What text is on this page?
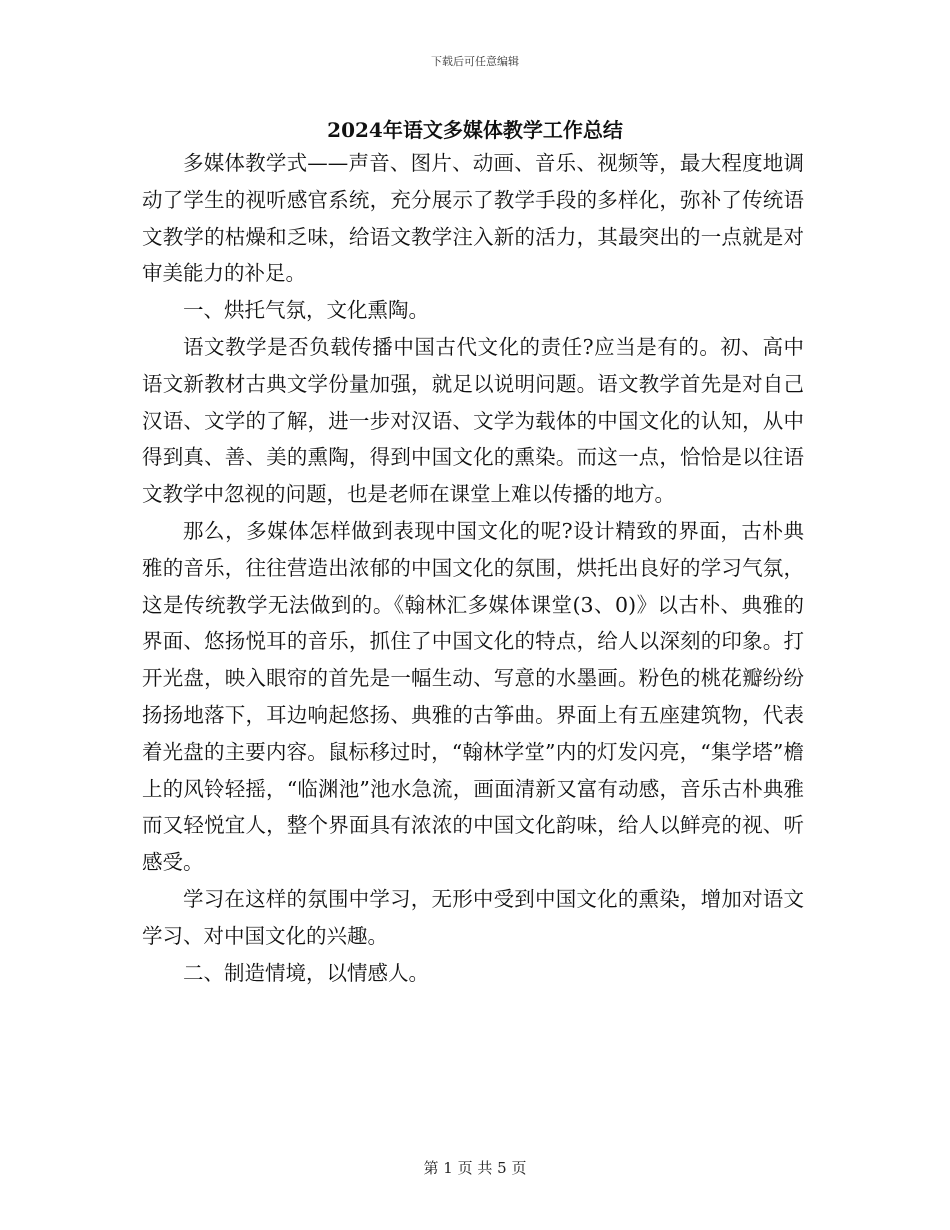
下载后可任意编辑
2024年语文多媒体教学工作总结

多媒体教学式——声音、图片、动画、音乐、视频等，最大程度地调动了学生的视听感官系统，充分展示了教学手段的多样化，弥补了传统语文教学的枯燥和乏味，给语文教学注入新的活力，其最突出的一点就是对审美能力的补足。

一、烘托气氛，文化熏陶。

语文教学是否负载传播中国古代文化的责任?应当是有的。初、高中语文新教材古典文学份量加强，就足以说明问题。语文教学首先是对自己汉语、文学的了解，进一步对汉语、文学为载体的中国文化的认知，从中得到真、善、美的熏陶，得到中国文化的熏染。而这一点，恰恰是以往语文教学中忽视的问题，也是老师在课堂上难以传播的地方。

那么，多媒体怎样做到表现中国文化的呢?设计精致的界面，古朴典雅的音乐，往往营造出浓郁的中国文化的氛围，烘托出良好的学习气氛，这是传统教学无法做到的。《翰林汇多媒体课堂(3、0)》以古朴、典雅的界面、悠扬悦耳的音乐，抓住了中国文化的特点，给人以深刻的印象。打开光盘，映入眼帘的首先是一幅生动、写意的水墨画。粉色的桃花瓣纷纷扬扬地落下，耳边响起悠扬、典雅的古筝曲。界面上有五座建筑物，代表着光盘的主要内容。鼠标移过时，“翰林学堂”内的灯发闪亮，“集学塔”檐上的风铃轻摇，“临渊池”池水急流，画面清新又富有动感，音乐古朴典雅而又轻悦宜人，整个界面具有浓浓的中国文化韵味，给人以鲜亮的视、听感受。

学习在这样的氛围中学习，无形中受到中国文化的熏染，增加对语文学习、对中国文化的兴趣。

二、制造情境，以情感人。

第 1 页 共 5 页
